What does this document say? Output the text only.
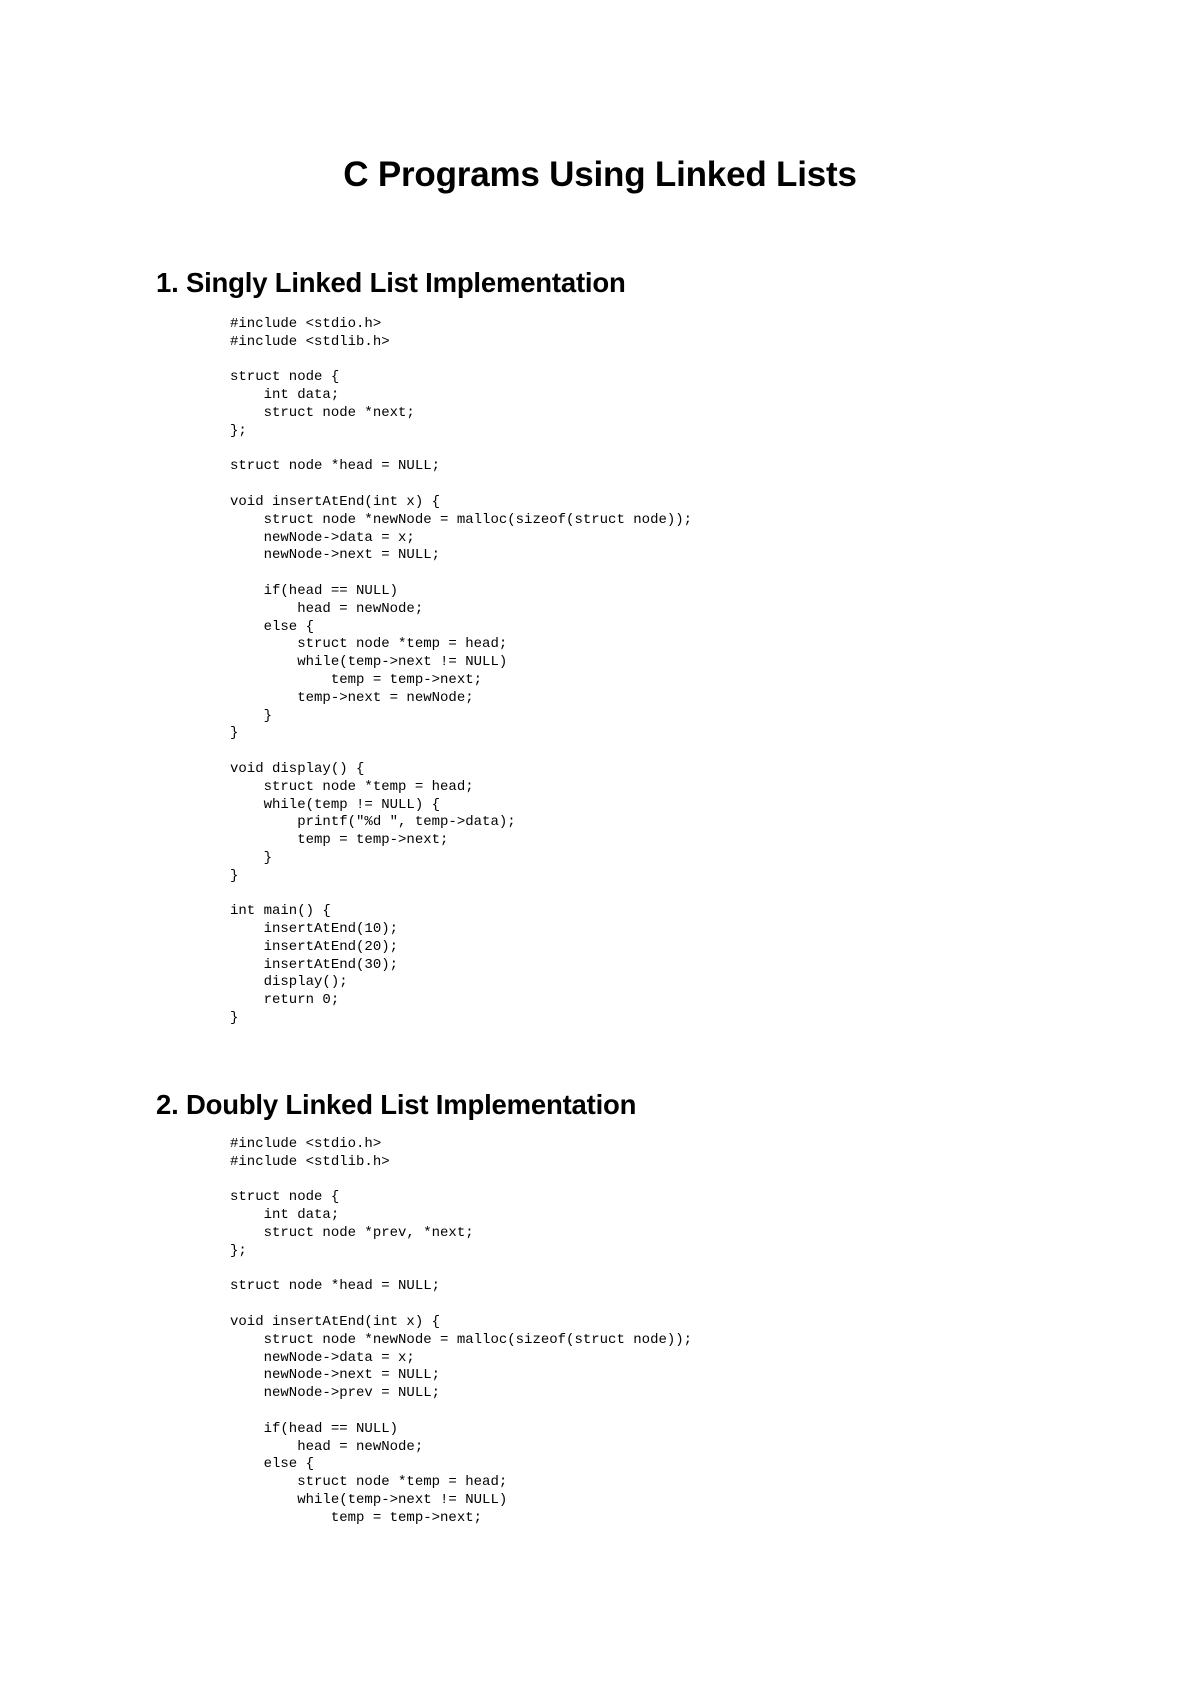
C Programs Using Linked Lists
1. Singly Linked List Implementation
#include <stdio.h>
#include <stdlib.h>
struct node {
int data;
struct node *next;
};
struct node *head = NULL;
void insertAtEnd(int x) {
struct node *newNode = malloc(sizeof(struct node));
newNode->data = x;
newNode->next = NULL;
if(head == NULL)
head = newNode;
else {
struct node *temp = head;
while(temp->next != NULL)
temp = temp->next;
temp->next = newNode;
}
}
void display() {
struct node *temp = head;
while(temp != NULL) {
printf("%d ", temp->data);
temp = temp->next;
}
}
int main() {
insertAtEnd(10);
insertAtEnd(20);
insertAtEnd(30);
display();
return 0;
}
2. Doubly Linked List Implementation
#include <stdio.h>
#include <stdlib.h>
struct node {
int data;
struct node *prev, *next;
};
struct node *head = NULL;
void insertAtEnd(int x) {
struct node *newNode = malloc(sizeof(struct node));
newNode->data = x;
newNode->next = NULL;
newNode->prev = NULL;
if(head == NULL)
head = newNode;
else {
struct node *temp = head;
while(temp->next != NULL)
temp = temp->next;
